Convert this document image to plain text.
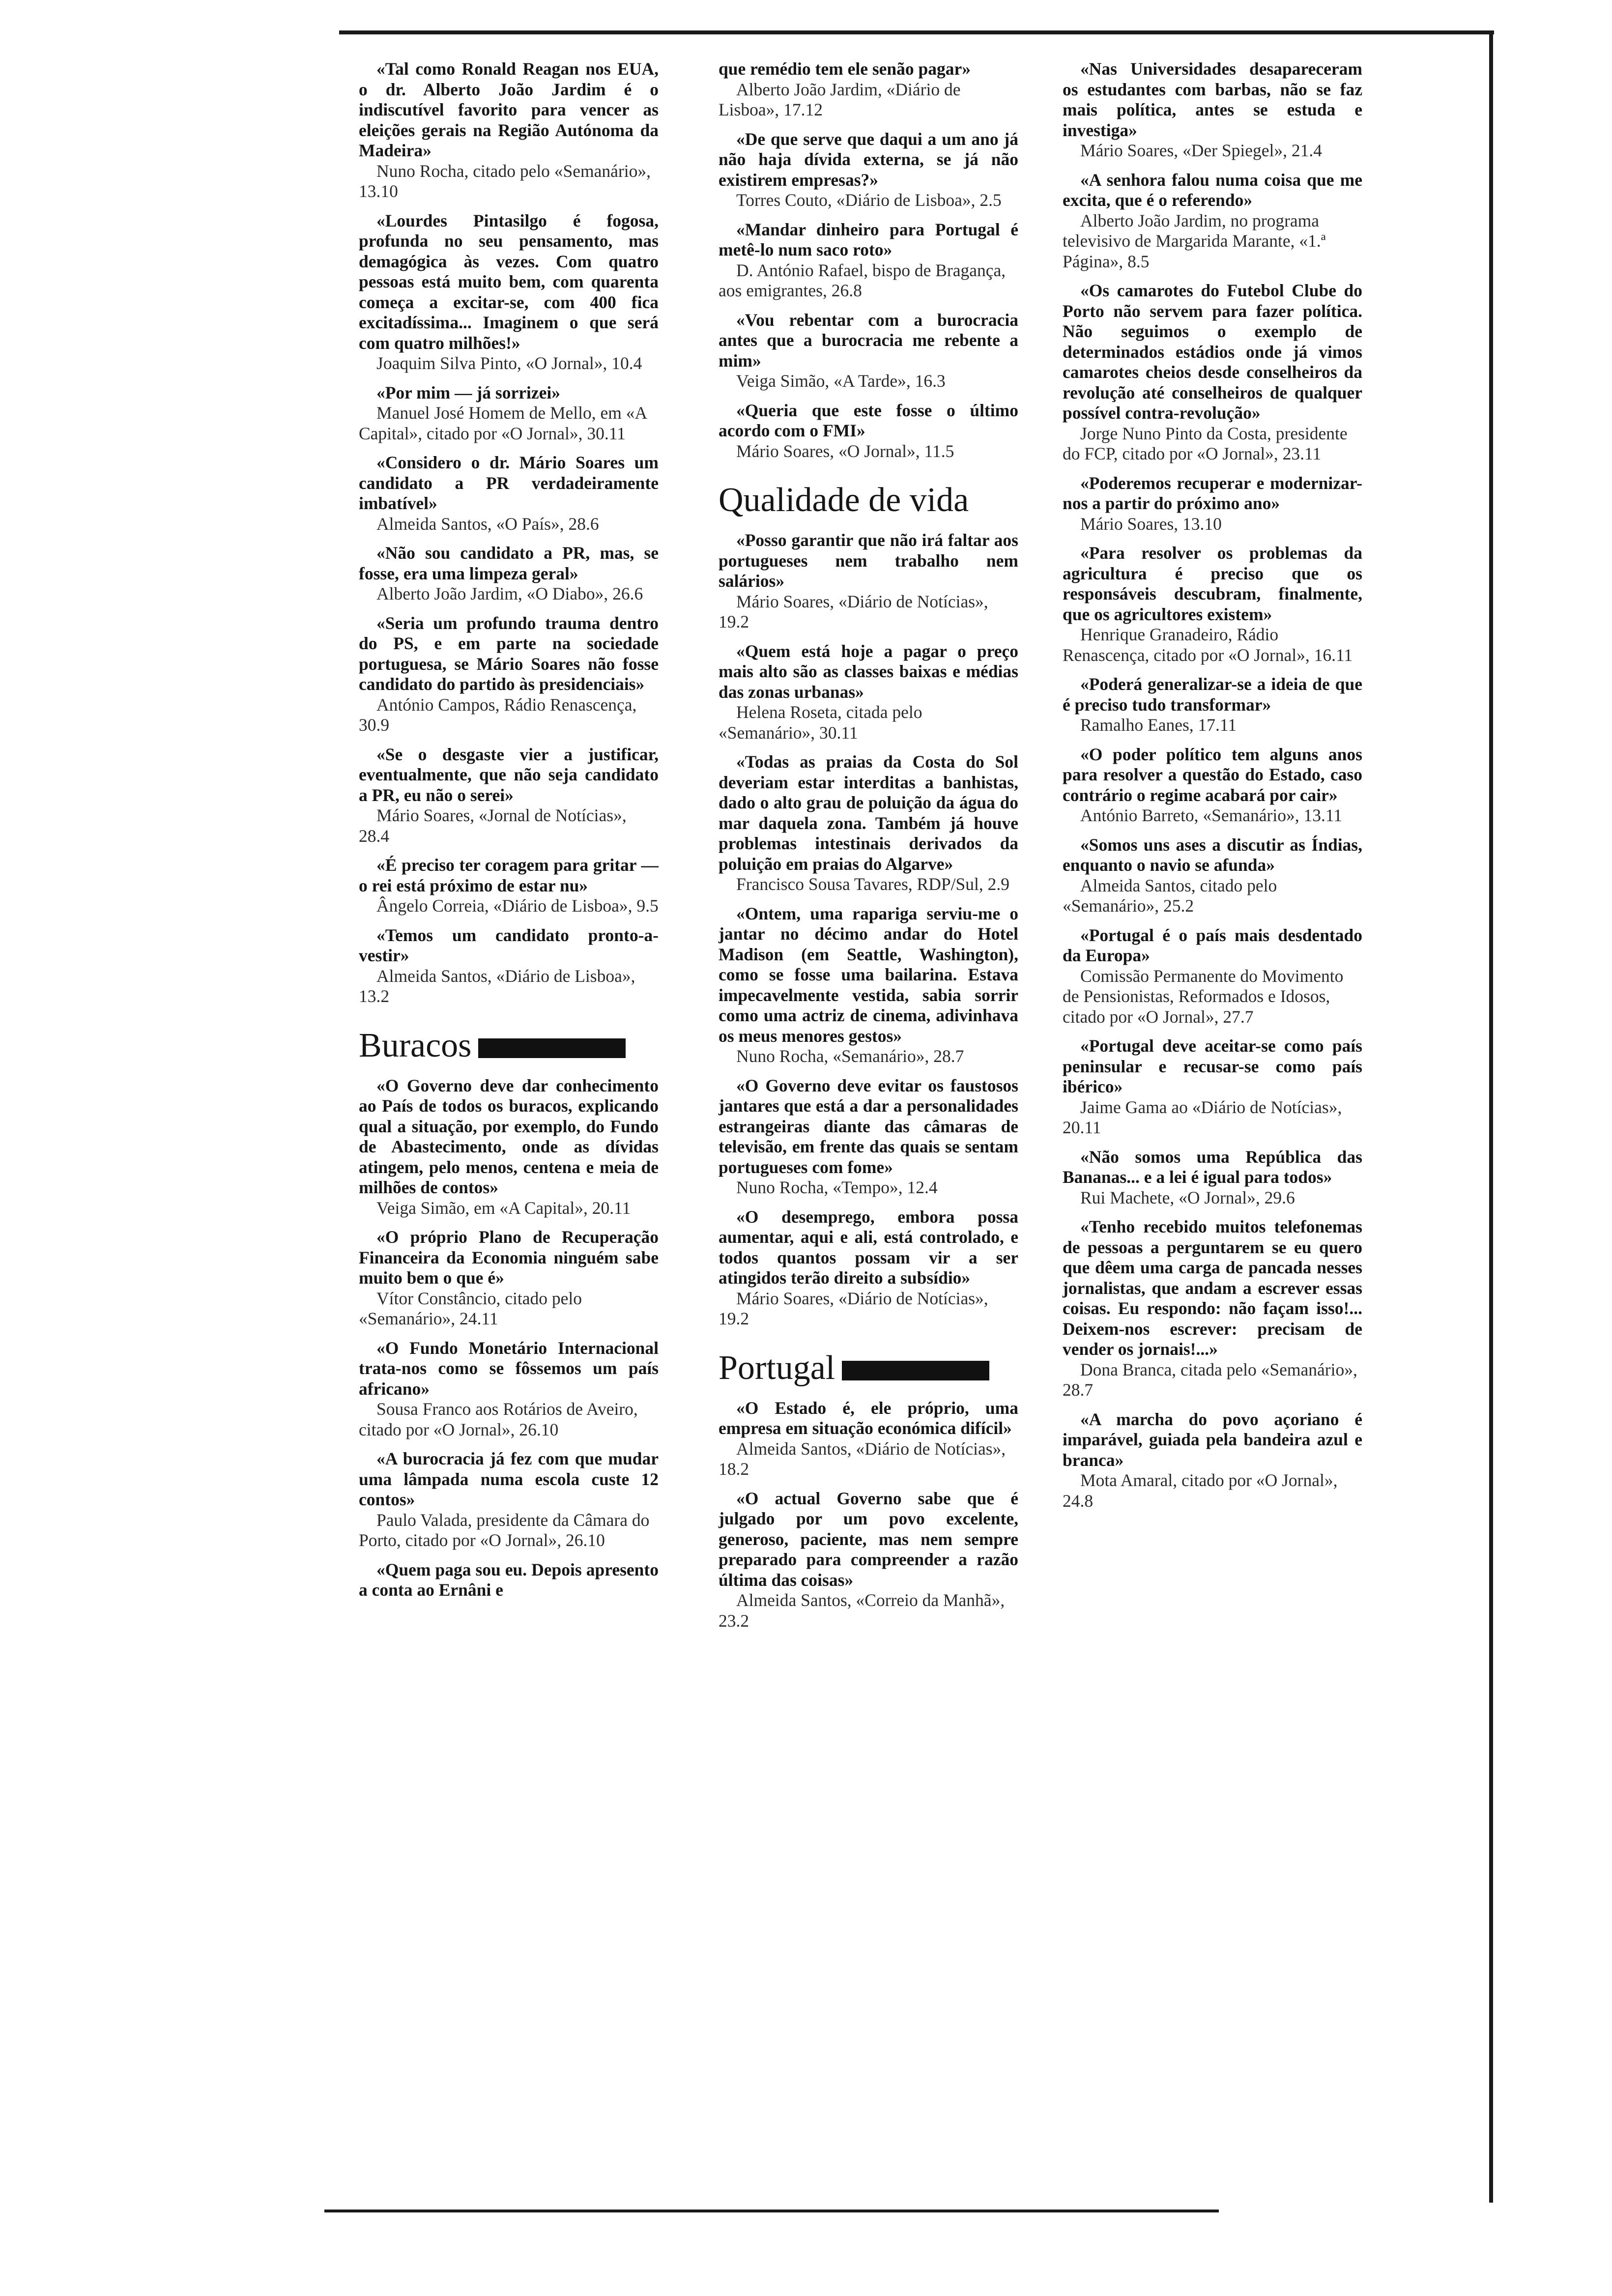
«Tal como Ronald Reagan nos EUA, o dr. Alberto João Jardim é o indiscutível favorito para vencer as eleições gerais na Região Autónoma da Madeira»
Nuno Rocha, citado pelo «Semanário», 13.10
«Lourdes Pintasilgo é fogosa, profunda no seu pensamento, mas demagógica às vezes. Com quatro pessoas está muito bem, com quarenta começa a excitar-se, com 400 fica excitadíssima... Imaginem o que será com quatro milhões!»
Joaquim Silva Pinto, «O Jornal», 10.4
«Por mim — já sorrizei»
Manuel José Homem de Mello, em «A Capital», citado por «O Jornal», 30.11
«Considero o dr. Mário Soares um candidato a PR verdadeiramente imbatível»
Almeida Santos, «O País», 28.6
«Não sou candidato a PR, mas, se fosse, era uma limpeza geral»
Alberto João Jardim, «O Diabo», 26.6
«Seria um profundo trauma dentro do PS, e em parte na sociedade portuguesa, se Mário Soares não fosse candidato do partido às presidenciais»
António Campos, Rádio Renascença, 30.9
«Se o desgaste vier a justificar, eventualmente, que não seja candidato a PR, eu não o serei»
Mário Soares, «Jornal de Notícias», 28.4
«É preciso ter coragem para gritar — o rei está próximo de estar nu»
Ângelo Correia, «Diário de Lisboa», 9.5
«Temos um candidato pronto-a-vestir»
Almeida Santos, «Diário de Lisboa», 13.2
Buracos
«O Governo deve dar conhecimento ao País de todos os buracos, explicando qual a situação, por exemplo, do Fundo de Abastecimento, onde as dívidas atingem, pelo menos, centena e meia de milhões de contos»
Veiga Simão, em «A Capital», 20.11
«O próprio Plano de Recuperação Financeira da Economia ninguém sabe muito bem o que é»
Vítor Constâncio, citado pelo «Semanário», 24.11
«O Fundo Monetário Internacional trata-nos como se fôssemos um país africano»
Sousa Franco aos Rotários de Aveiro, citado por «O Jornal», 26.10
«A burocracia já fez com que mudar uma lâmpada numa escola custe 12 contos»
Paulo Valada, presidente da Câmara do Porto, citado por «O Jornal», 26.10
«Quem paga sou eu. Depois apresento a conta ao Ernâni e
que remédio tem ele senão pagar»
Alberto João Jardim, «Diário de Lisboa», 17.12
«De que serve que daqui a um ano já não haja dívida externa, se já não existirem empresas?»
Torres Couto, «Diário de Lisboa», 2.5
«Mandar dinheiro para Portugal é metê-lo num saco roto»
D. António Rafael, bispo de Bragança, aos emigrantes, 26.8
«Vou rebentar com a burocracia antes que a burocracia me rebente a mim»
Veiga Simão, «A Tarde», 16.3
«Queria que este fosse o último acordo com o FMI»
Mário Soares, «O Jornal», 11.5
Qualidade de vida
«Posso garantir que não irá faltar aos portugueses nem trabalho nem salários»
Mário Soares, «Diário de Notícias», 19.2
«Quem está hoje a pagar o preço mais alto são as classes baixas e médias das zonas urbanas»
Helena Roseta, citada pelo «Semanário», 30.11
«Todas as praias da Costa do Sol deveriam estar interditas a banhistas, dado o alto grau de poluição da água do mar daquela zona. Também já houve problemas intestinais derivados da poluição em praias do Algarve»
Francisco Sousa Tavares, RDP/Sul, 2.9
«Ontem, uma rapariga serviu-me o jantar no décimo andar do Hotel Madison (em Seattle, Washington), como se fosse uma bailarina. Estava impecavelmente vestida, sabia sorrir como uma actriz de cinema, adivinhava os meus menores gestos»
Nuno Rocha, «Semanário», 28.7
«O Governo deve evitar os faustosos jantares que está a dar a personalidades estrangeiras diante das câmaras de televisão, em frente das quais se sentam portugueses com fome»
Nuno Rocha, «Tempo», 12.4
«O desemprego, embora possa aumentar, aqui e ali, está controlado, e todos quantos possam vir a ser atingidos terão direito a subsídio»
Mário Soares, «Diário de Notícias», 19.2
Portugal
«O Estado é, ele próprio, uma empresa em situação económica difícil»
Almeida Santos, «Diário de Notícias», 18.2
«O actual Governo sabe que é julgado por um povo excelente, generoso, paciente, mas nem sempre preparado para compreender a razão última das coisas»
Almeida Santos, «Correio da Manhã», 23.2
«Nas Universidades desapareceram os estudantes com barbas, não se faz mais política, antes se estuda e investiga»
Mário Soares, «Der Spiegel», 21.4
«A senhora falou numa coisa que me excita, que é o referendo»
Alberto João Jardim, no programa televisivo de Margarida Marante, «1.ª Página», 8.5
«Os camarotes do Futebol Clube do Porto não servem para fazer política. Não seguimos o exemplo de determinados estádios onde já vimos camarotes cheios desde conselheiros da revolução até conselheiros de qualquer possível contra-revolução»
Jorge Nuno Pinto da Costa, presidente do FCP, citado por «O Jornal», 23.11
«Poderemos recuperar e modernizar-nos a partir do próximo ano»
Mário Soares, 13.10
«Para resolver os problemas da agricultura é preciso que os responsáveis descubram, finalmente, que os agricultores existem»
Henrique Granadeiro, Rádio Renascença, citado por «O Jornal», 16.11
«Poderá generalizar-se a ideia de que é preciso tudo transformar»
Ramalho Eanes, 17.11
«O poder político tem alguns anos para resolver a questão do Estado, caso contrário o regime acabará por cair»
António Barreto, «Semanário», 13.11
«Somos uns ases a discutir as Índias, enquanto o navio se afunda»
Almeida Santos, citado pelo «Semanário», 25.2
«Portugal é o país mais desdentado da Europa»
Comissão Permanente do Movimento de Pensionistas, Reformados e Idosos, citado por «O Jornal», 27.7
«Portugal deve aceitar-se como país peninsular e recusar-se como país ibérico»
Jaime Gama ao «Diário de Notícias», 20.11
«Não somos uma República das Bananas... e a lei é igual para todos»
Rui Machete, «O Jornal», 29.6
«Tenho recebido muitos telefonemas de pessoas a perguntarem se eu quero que dêem uma carga de pancada nesses jornalistas, que andam a escrever essas coisas. Eu respondo: não façam isso!... Deixem-nos escrever: precisam de vender os jornais!...»
Dona Branca, citada pelo «Semanário», 28.7
«A marcha do povo açoriano é imparável, guiada pela bandeira azul e branca»
Mota Amaral, citado por «O Jornal», 24.8
